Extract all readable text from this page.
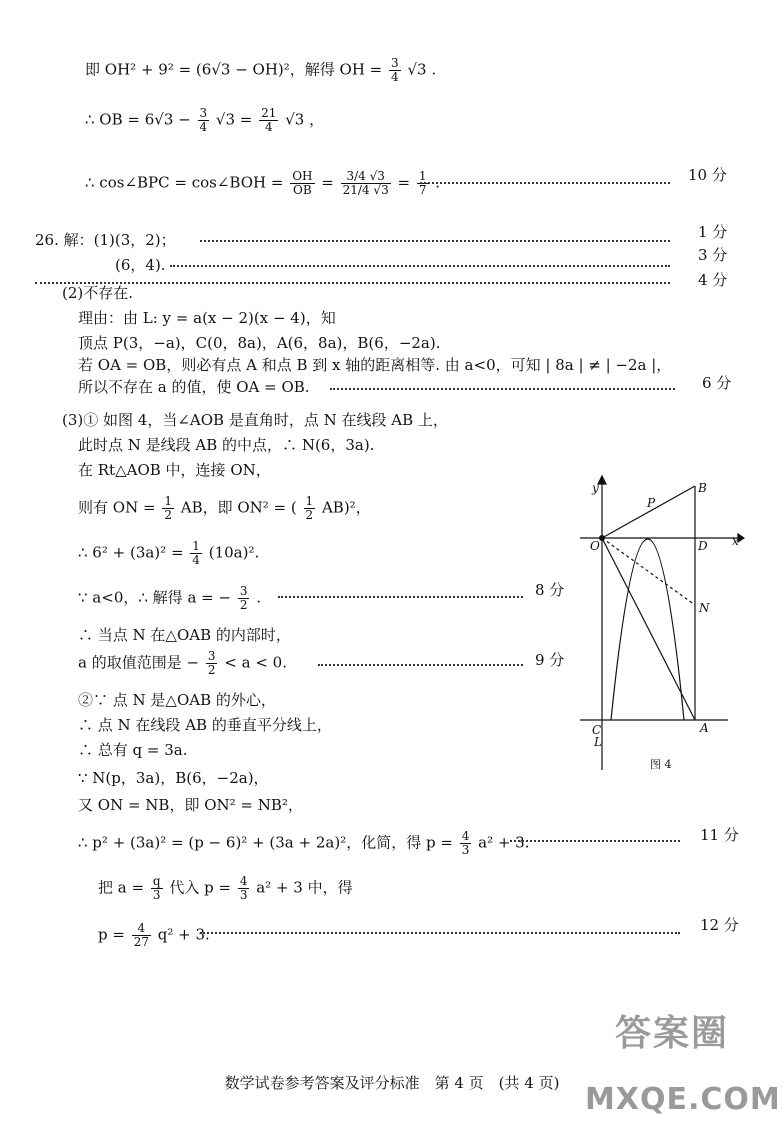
即 OH² + 9² = (6√3 − OH)²，解得 OH = $\frac{3}{4} √3$ .
∴ OB = $6√3 - \frac{3}{4} √3 = \frac{21}{4} √3$ ，
∴ cos∠BPC = cos∠BOH = $\frac{OH}{OB} = \frac{3/4 √3}{21/4 √3} = \frac{1}{7}$ .	10 分
26. 解：(1)(3，2)；	1 分
(6，4).
3 分
4 分
(2)不存在.
理由：由 L: y = a(x − 2)(x − 4)，知
顶点 P(3，−a)，C(0，8a)，A(6，8a)，B(6，−2a).
若 OA = OB，则必有点 A 和点 B 到 x 轴的距离相等. 由 a<0，可知 | 8a | ≠ | −2a |，
所以不存在 a 的值，使 OA = OB.	6 分
(3)① 如图 4，当∠AOB 是直角时，点 N 在线段 AB 上，
此时点 N 是线段 AB 的中点，∴ N(6，3a).
在 Rt△AOB 中，连接 ON，
则有 ON = $\frac{1}{2}$ AB，即 ON² = ( $\frac{1}{2} AB)^2$，
∴ $6^2 + (3a)^2 = \frac{1}{4} (10a)^2$.
∵ a<0，∴ 解得 a = − $\frac{3}{2}$ .	8 分
∴ 当点 N 在△OAB 的内部时，
a 的取值范围是 − $\frac{3}{2} < a < 0$.	9 分
②∵ 点 N 是△OAB 的外心，
∴ 点 N 在线段 AB 的垂直平分线上，
∴ 总有 q = 3a.
∵ N(p，3a)，B(6，−2a)，
又 ON = NB，即 ON² = NB²，
∴ p² + (3a)² = (p − 6)² + (3a + 2a)²，化简，得 $p = \frac{4}{3} a^2 + 3$.	11 分
把 $a = \frac{q}{3}$ 代入 $p = \frac{4}{3} a^2 + 3$ 中，得
$p = \frac{4}{27} q^2 + 3$.
12 分
y
x
O
P
B
D
N
C
L
A
图 4
数学试卷参考答案及评分标准　第 4 页　(共 4 页)
答案圈
MXQE.COM
